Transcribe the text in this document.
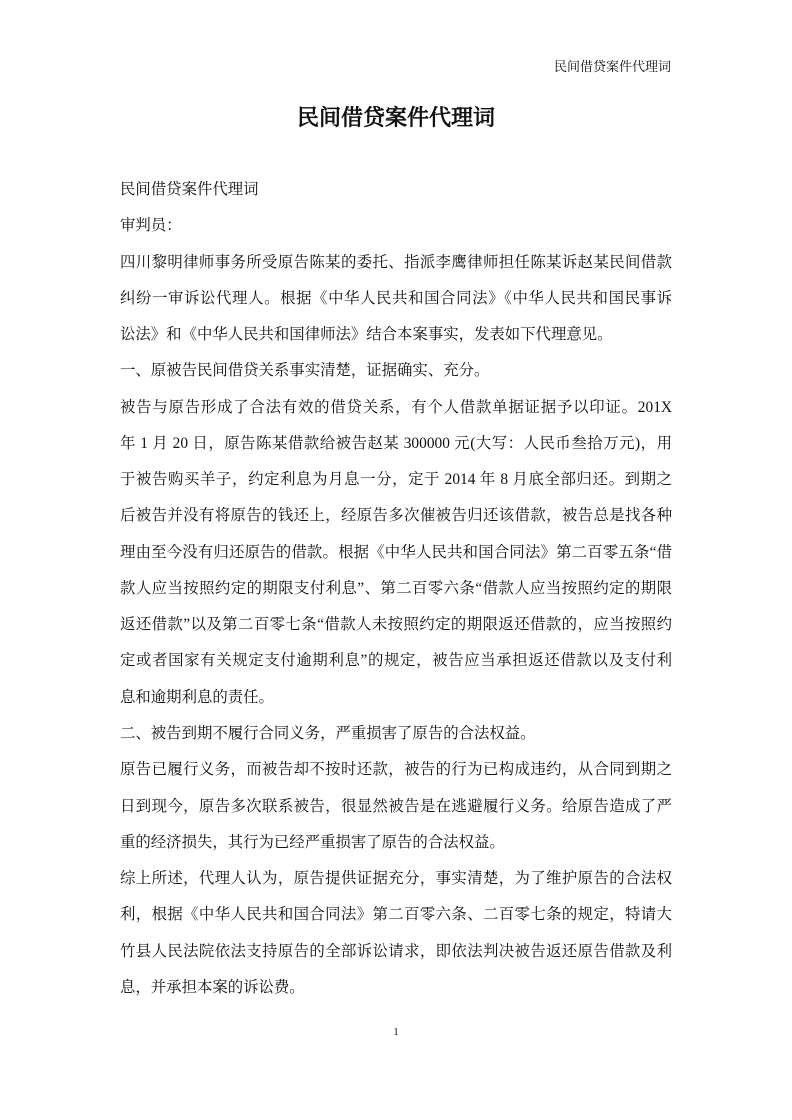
民间借贷案件代理词
民间借贷案件代理词
民间借贷案件代理词
审判员：
四川黎明律师事务所受原告陈某的委托、指派李鹰律师担任陈某诉赵某民间借款
纠纷一审诉讼代理人。根据《中华人民共和国合同法》《中华人民共和国民事诉
讼法》和《中华人民共和国律师法》结合本案事实，发表如下代理意见。
一、原被告民间借贷关系事实清楚，证据确实、充分。
被告与原告形成了合法有效的借贷关系，有个人借款单据证据予以印证。201X
年 1 月 20 日，原告陈某借款给被告赵某 300000 元(大写：人民币叁拾万元)，用
于被告购买羊子，约定利息为月息一分，定于 2014 年 8 月底全部归还。到期之
后被告并没有将原告的钱还上，经原告多次催被告归还该借款，被告总是找各种
理由至今没有归还原告的借款。根据《中华人民共和国合同法》第二百零五条“借
款人应当按照约定的期限支付利息”、第二百零六条“借款人应当按照约定的期限
返还借款”以及第二百零七条“借款人未按照约定的期限返还借款的，应当按照约
定或者国家有关规定支付逾期利息”的规定，被告应当承担返还借款以及支付利
息和逾期利息的责任。
二、被告到期不履行合同义务，严重损害了原告的合法权益。
原告已履行义务，而被告却不按时还款，被告的行为已构成违约，从合同到期之
日到现今，原告多次联系被告，很显然被告是在逃避履行义务。给原告造成了严
重的经济损失，其行为已经严重损害了原告的合法权益。
综上所述，代理人认为，原告提供证据充分，事实清楚，为了维护原告的合法权
利，根据《中华人民共和国合同法》第二百零六条、二百零七条的规定，特请大
竹县人民法院依法支持原告的全部诉讼请求，即依法判决被告返还原告借款及利
息，并承担本案的诉讼费。
1
